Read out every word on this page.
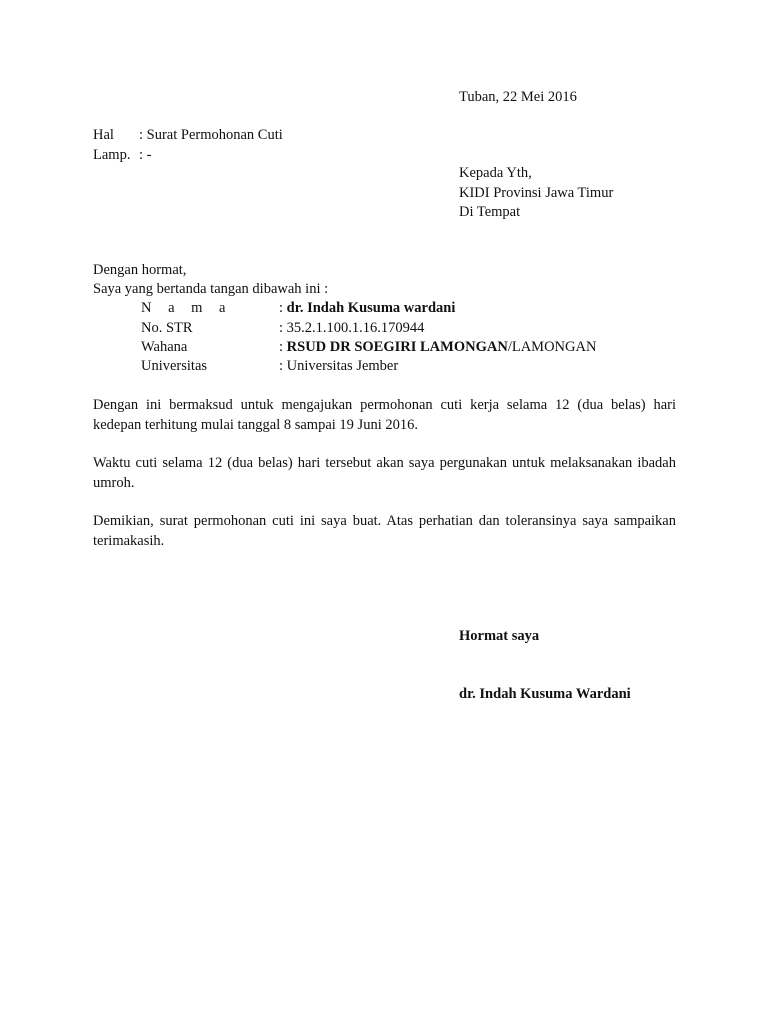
Tuban, 22 Mei 2016
Hal : Surat Permohonan Cuti
Lamp. : -
Kepada Yth,
KIDI Provinsi Jawa Timur
Di Tempat
Dengan hormat,
Saya yang bertanda tangan dibawah ini :
N a m a	: dr. Indah Kusuma wardani
No. STR	: 35.2.1.100.1.16.170944
Wahana	: RSUD DR SOEGIRI LAMONGAN/LAMONGAN
Universitas	: Universitas Jember
Dengan ini bermaksud untuk mengajukan permohonan cuti kerja selama 12 (dua belas) hari kedepan terhitung mulai tanggal 8 sampai 19 Juni 2016.
Waktu cuti selama 12 (dua belas) hari tersebut akan saya pergunakan untuk melaksanakan ibadah umroh.
Demikian, surat permohonan cuti ini saya buat. Atas perhatian dan toleransinya saya sampaikan terimakasih.
Hormat saya
dr. Indah Kusuma Wardani
